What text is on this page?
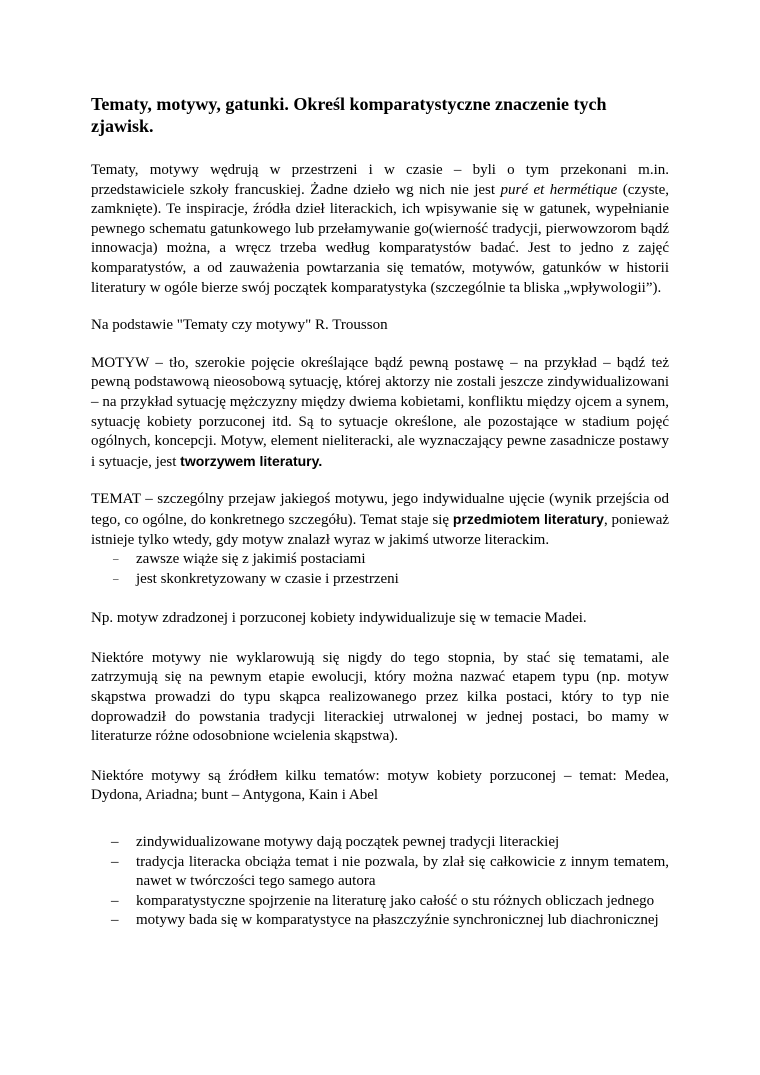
Tematy, motywy, gatunki. Określ komparatystyczne znaczenie tych zjawisk.

Tematy, motywy wędrują w przestrzeni i w czasie – byli o tym przekonani m.in. przedstawiciele szkoły francuskiej. Żadne dzieło wg nich nie jest puré et hermétique (czyste, zamknięte). Te inspiracje, źródła dzieł literackich, ich wpisywanie się w gatunek, wypełnianie pewnego schematu gatunkowego lub przełamywanie go(wierność tradycji, pierwowzorom bądź innowacja) można, a wręcz trzeba według komparatystów badać. Jest to jedno z zajęć komparatystów, a od zauważenia powtarzania się tematów, motywów, gatunków w historii literatury w ogóle bierze swój początek komparatystyka (szczególnie ta bliska „wpływologii”).

Na podstawie "Tematy czy motywy" R. Trousson

MOTYW – tło, szerokie pojęcie określające bądź pewną postawę – na przykład – bądź też pewną podstawową nieosobową sytuację, której aktorzy nie zostali jeszcze zindywidualizowani – na przykład sytuację mężczyzny między dwiema kobietami, konfliktu między ojcem a synem, sytuację kobiety porzuconej itd. Są to sytuacje określone, ale pozostające w stadium pojęć ogólnych, koncepcji. Motyw, element nieliteracki, ale wyznaczający pewne zasadnicze postawy i sytuacje, jest tworzywem literatury.

TEMAT – szczególny przejaw jakiegoś motywu, jego indywidualne ujęcie (wynik przejścia od tego, co ogólne, do konkretnego szczegółu). Temat staje się przedmiotem literatury, ponieważ istnieje tylko wtedy, gdy motyw znalazł wyraz w jakimś utworze literackim.

– zawsze wiąże się z jakimiś postaciami
– jest skonkretyzowany w czasie i przestrzeni

Np. motyw zdradzonej i porzuconej kobiety indywidualizuje się w temacie Madei.

Niektóre motywy nie wyklarowują się nigdy do tego stopnia, by stać się tematami, ale zatrzymują się na pewnym etapie ewolucji, który można nazwać etapem typu (np. motyw skąpstwa prowadzi do typu skąpca realizowanego przez kilka postaci, który to typ nie doprowadził do powstania tradycji literackiej utrwalonej w jednej postaci, bo mamy w literaturze różne odosobnione wcielenia skąpstwa).

Niektóre motywy są źródłem kilku tematów: motyw kobiety porzuconej – temat: Medea, Dydona, Ariadna; bunt – Antygona, Kain i Abel

– zindywidualizowane motywy dają początek pewnej tradycji literackiej
– tradycja literacka obciąża temat i nie pozwala, by zlał się całkowicie z innym tematem, nawet w twórczości tego samego autora
– komparatystyczne spojrzenie na literaturę jako całość o stu różnych obliczach jednego
– motywy bada się w komparatystyce na płaszczyźnie synchronicznej lub diachronicznej
